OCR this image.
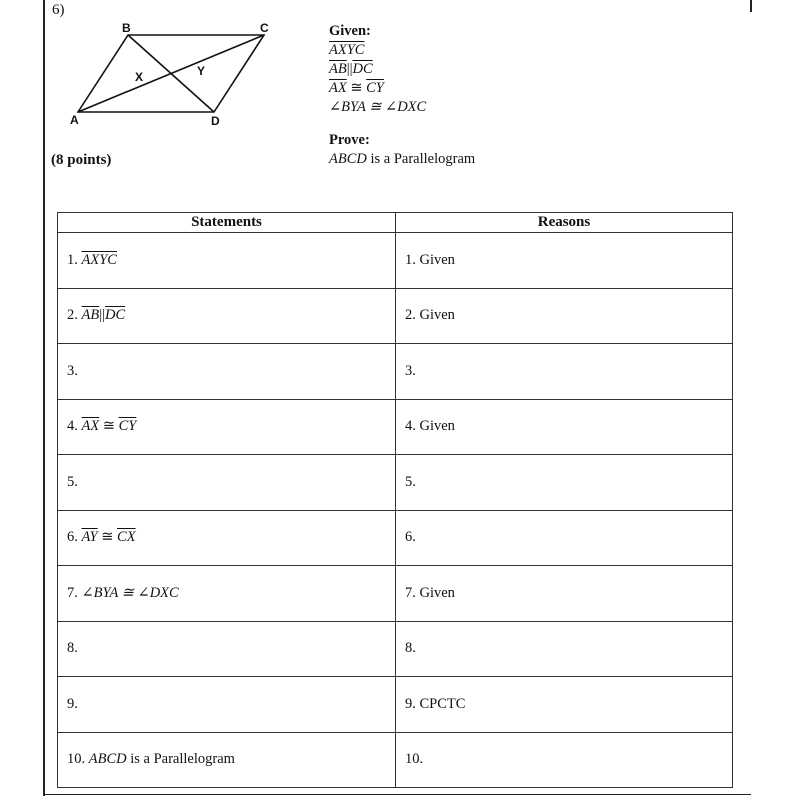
6)
A
B	C
D
X	Y
(8 points)
Given:
AXYC
$\overline{AB}||\overline{DC}$
$\overline{AX}$ ≅ $\overline{CY}$
∠BYA ≅ ∠DXC
Prove:
ABCD is a Parallelogram
Statements	Reasons
1. AXYC	1. Given
2. $\overline{AB}||\overline{DC}$	2. Given
3.	3.
4. $\overline{AX}$ ≅ $\overline{CY}$	4. Given
5.	5.
6. $\overline{AY}$ ≅ $\overline{CX}$	6.
7. ∠BYA ≅ ∠DXC	7. Given
8.	8.
9.	9. CPCTC
10. ABCD is a Parallelogram	10.
